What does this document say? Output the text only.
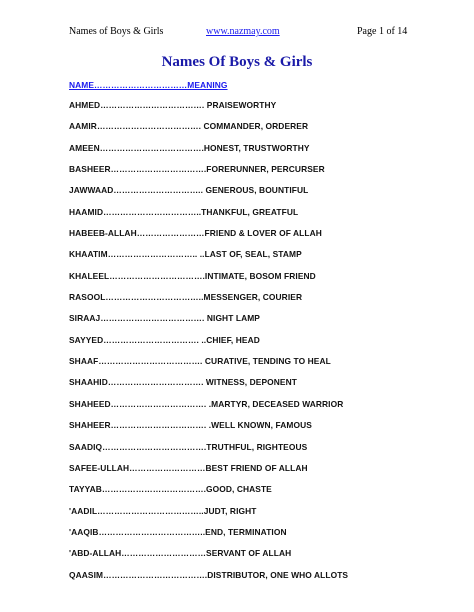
Names of Boys & Girls	www.nazmay.com	Page 1 of 14
Names Of Boys & Girls
NAME……………………………MEANING
AHMED………………………………. PRAISEWORTHY
AAMIR………………………………. COMMANDER, ORDERER
AMEEN……………………………….HONEST, TRUSTWORTHY
BASHEER…………………………….FORERUNNER, PERCURSER
JAWWAAD………………………….. GENEROUS, BOUNTIFUL
HAAMID……………………………..THANKFUL, GREATFUL
HABEEB-ALLAH……………………FRIEND & LOVER OF ALLAH
KHAATIM………………………….. ..LAST OF, SEAL, STAMP
KHALEEL…………………………….INTIMATE, BOSOM FRIEND
RASOOL……………………………..MESSENGER, COURIER
SIRAAJ………………………………. NIGHT LAMP
SAYYED……………………………. ..CHIEF, HEAD
SHAAF………………………………. CURATIVE, TENDING TO HEAL
SHAAHID……………………………. WITNESS, DEPONENT
SHAHEED……………………………. .MARTYR, DECEASED WARRIOR
SHAHEER……………………………. .WELL KNOWN, FAMOUS
SAADIQ……………………………….TRUTHFUL, RIGHTEOUS
SAFEE-ULLAH………………………BEST FRIEND OF ALLAH
TAYYAB……………………………….GOOD, CHASTE
'AADIL………………………………..JUDT, RIGHT
'AAQIB………………………………..END, TERMINATION
'ABD-ALLAH…………………………SERVANT OF ALLAH
QAASIM……………………………….DISTRIBUTOR, ONE WHO ALLOTS
